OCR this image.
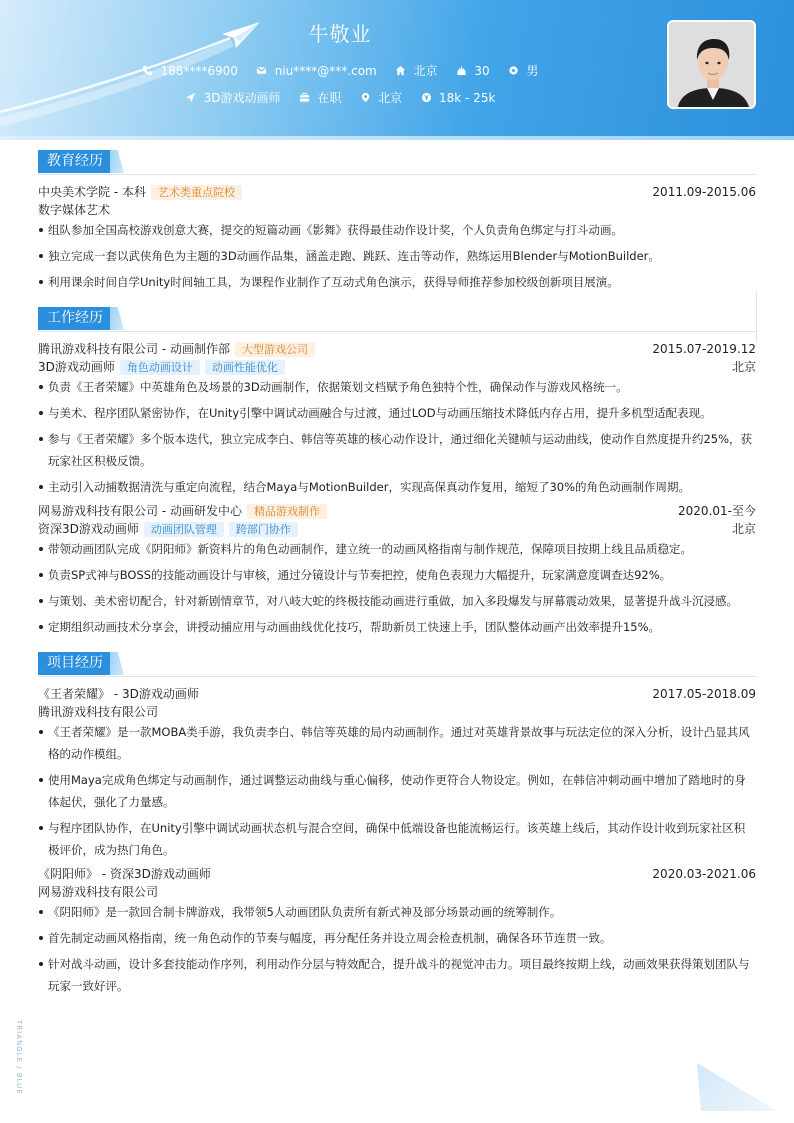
牛敬业
188****6900
	niu****@***.com
	北京
	30
	男
3D游戏动画师
	在职
	北京
	18k - 25k
教育经历
中央美术学院 - 本科	艺术类重点院校	2011.09-2015.06
数字媒体艺术
组队参加全国高校游戏创意大赛，提交的短篇动画《影舞》获得最佳动作设计奖，个人负责角色绑定与打斗动画。
独立完成一套以武侠角色为主题的3D动画作品集，涵盖走跑、跳跃、连击等动作，熟练运用Blender与MotionBuilder。
利用课余时间自学Unity时间轴工具，为课程作业制作了互动式角色演示，获得导师推荐参加校级创新项目展演。
工作经历
腾讯游戏科技有限公司 - 动画制作部	大型游戏公司	2015.07-2019.12
3D游戏动画师	角色动画设计	动画性能优化	北京
负责《王者荣耀》中英雄角色及场景的3D动画制作，依据策划文档赋予角色独特个性，确保动作与游戏风格统一。
与美术、程序团队紧密协作，在Unity引擎中调试动画融合与过渡，通过LOD与动画压缩技术降低内存占用，提升多机型适配表现。
参与《王者荣耀》多个版本迭代，独立完成李白、韩信等英雄的核心动作设计，通过细化关键帧与运动曲线，使动作自然度提升约25%，获玩家社区积极反馈。
主动引入动捕数据清洗与重定向流程，结合Maya与MotionBuilder，实现高保真动作复用，缩短了30%的角色动画制作周期。
网易游戏科技有限公司 - 动画研发中心	精品游戏制作	2020.01-至今
资深3D游戏动画师	动画团队管理	跨部门协作	北京
带领动画团队完成《阴阳师》新资料片的角色动画制作，建立统一的动画风格指南与制作规范，保障项目按期上线且品质稳定。
负责SP式神与BOSS的技能动画设计与审核，通过分镜设计与节奏把控，使角色表现力大幅提升，玩家满意度调查达92%。
与策划、美术密切配合，针对新剧情章节，对八岐大蛇的终极技能动画进行重做，加入多段爆发与屏幕震动效果，显著提升战斗沉浸感。
定期组织动画技术分享会，讲授动捕应用与动画曲线优化技巧，帮助新员工快速上手，团队整体动画产出效率提升15%。
项目经历
《王者荣耀》 - 3D游戏动画师	2017.05-2018.09
腾讯游戏科技有限公司
《王者荣耀》是一款MOBA类手游，我负责李白、韩信等英雄的局内动画制作。通过对英雄背景故事与玩法定位的深入分析，设计凸显其风格的动作模组。
使用Maya完成角色绑定与动画制作，通过调整运动曲线与重心偏移，使动作更符合人物设定。例如，在韩信冲刺动画中增加了踏地时的身体起伏，强化了力量感。
与程序团队协作，在Unity引擎中调试动画状态机与混合空间，确保中低端设备也能流畅运行。该英雄上线后，其动作设计收到玩家社区积极评价，成为热门角色。
《阴阳师》 - 资深3D游戏动画师	2020.03-2021.06
网易游戏科技有限公司
《阴阳师》是一款回合制卡牌游戏，我带领5人动画团队负责所有新式神及部分场景动画的统筹制作。
首先制定动画风格指南，统一角色动作的节奏与幅度，再分配任务并设立周会检查机制，确保各环节连贯一致。
针对战斗动画，设计多套技能动作序列，利用动作分层与特效配合，提升战斗的视觉冲击力。项目最终按期上线，动画效果获得策划团队与玩家一致好评。
TRIANGLE / BLUE
